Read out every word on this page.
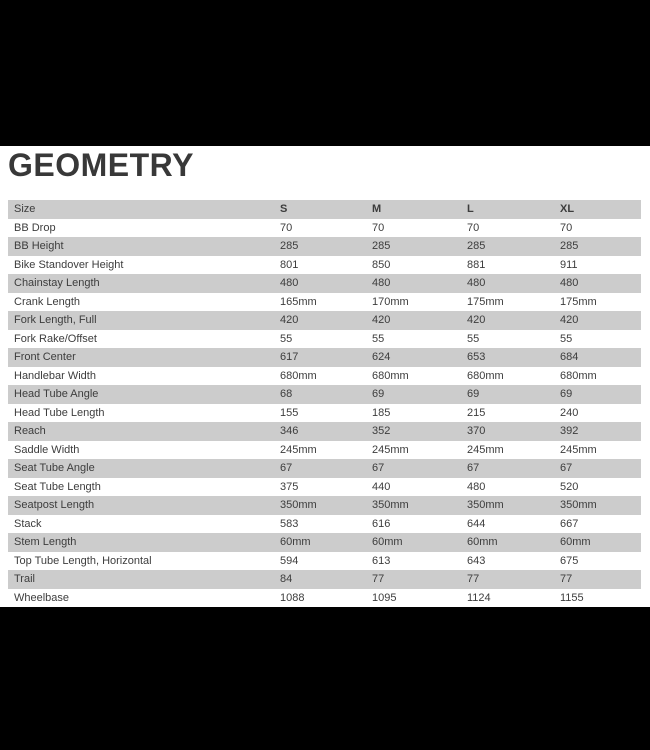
GEOMETRY
Size	S	M	L	XL
BB Drop	70	70	70	70
BB Height	285	285	285	285
Bike Standover Height	801	850	881	911
Chainstay Length	480	480	480	480
Crank Length	165mm	170mm	175mm	175mm
Fork Length, Full	420	420	420	420
Fork Rake/Offset	55	55	55	55
Front Center	617	624	653	684
Handlebar Width	680mm	680mm	680mm	680mm
Head Tube Angle	68	69	69	69
Head Tube Length	155	185	215	240
Reach	346	352	370	392
Saddle Width	245mm	245mm	245mm	245mm
Seat Tube Angle	67	67	67	67
Seat Tube Length	375	440	480	520
Seatpost Length	350mm	350mm	350mm	350mm
Stack	583	616	644	667
Stem Length	60mm	60mm	60mm	60mm
Top Tube Length, Horizontal	594	613	643	675
Trail	84	77	77	77
Wheelbase	1088	1095	1124	1155
